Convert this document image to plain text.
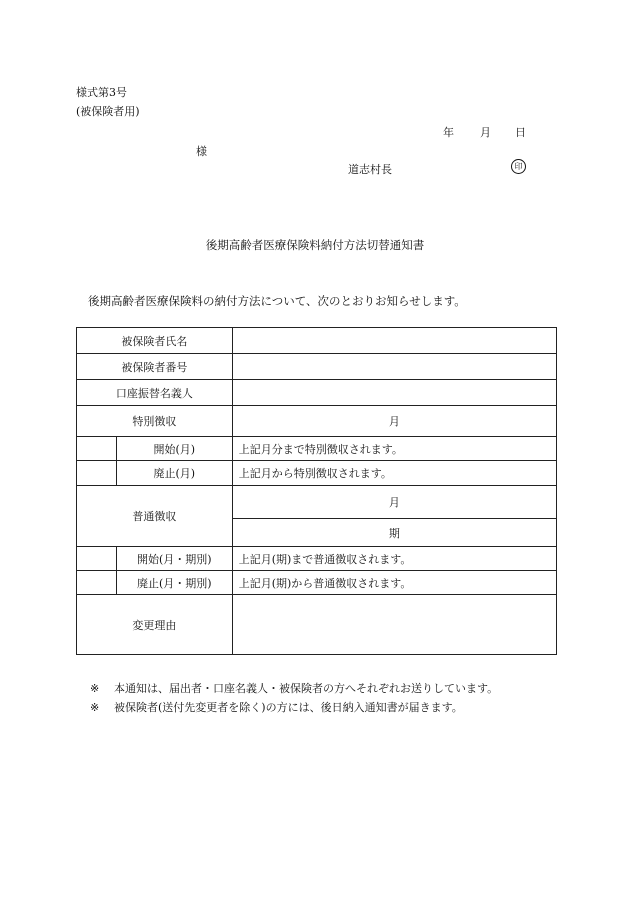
様式第3号
(被保険者用)
年 月 日
様
道志村長	印
後期高齢者医療保険料納付方法切替通知書
後期高齢者医療保険料の納付方法について、次のとおりお知らせします。
被保険者氏名		
被保険者番号		
口座振替名義人		
特別徴収		月
	開始(月)	上記月分まで特別徴収されます。
	廃止(月)	上記月から特別徴収されます。
普通徴収		月
		期
	開始(月・期別)	上記月(期)まで普通徴収されます。
	廃止(月・期別)	上記月(期)から普通徴収されます。
変更理由		
※ 本通知は、届出者・口座名義人・被保険者の方へそれぞれお送りしています。
※ 被保険者(送付先変更者を除く)の方には、後日納入通知書が届きます。
